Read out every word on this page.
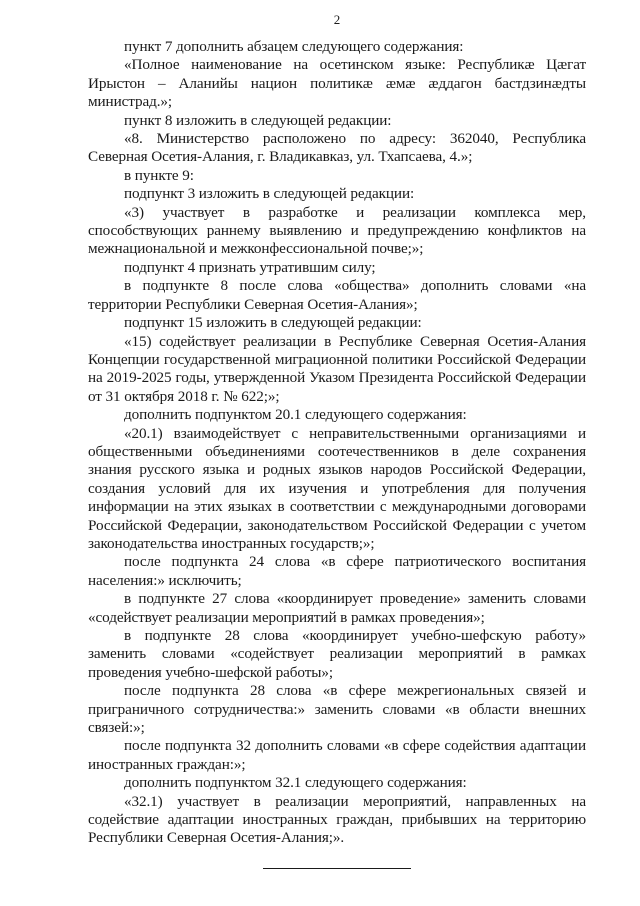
2

пункт 7 дополнить абзацем следующего содержания:

«Полное наименование на осетинском языке: Республикæ Цæгат Ирыстон – Аланийы национ политикæ æмæ æддагон бастдзинæдты министрад.»;

пункт 8 изложить в следующей редакции:

«8. Министерство расположено по адресу: 362040, Республика Северная Осетия-Алания, г. Владикавказ, ул. Тхапсаева, 4.»;

в пункте 9:

подпункт 3 изложить в следующей редакции:

«3) участвует в разработке и реализации комплекса мер, способствующих раннему выявлению и предупреждению конфликтов на межнациональной и межконфессиональной почве;»;

подпункт 4 признать утратившим силу;

в подпункте 8 после слова «общества» дополнить словами «на территории Республики Северная Осетия-Алания»;

подпункт 15 изложить в следующей редакции:

«15) содействует реализации в Республике Северная Осетия-Алания Концепции государственной миграционной политики Российской Федерации на 2019-2025 годы, утвержденной Указом Президента Российской Федерации от 31 октября 2018 г. № 622;»;

дополнить подпунктом 20.1 следующего содержания:

«20.1) взаимодействует с неправительственными организациями и общественными объединениями соотечественников в деле сохранения знания русского языка и родных языков народов Российской Федерации, создания условий для их изучения и употребления для получения информации на этих языках в соответствии с международными договорами Российской Федерации, законодательством Российской Федерации с учетом законодательства иностранных государств;»;

после подпункта 24 слова «в сфере патриотического воспитания населения:» исключить;

в подпункте 27 слова «координирует проведение» заменить словами «содействует реализации мероприятий в рамках проведения»;

в подпункте 28 слова «координирует учебно-шефскую работу» заменить словами «содействует реализации мероприятий в рамках проведения учебно-шефской работы»;

после подпункта 28 слова «в сфере межрегиональных связей и приграничного сотрудничества:» заменить словами «в области внешних связей:»;

после подпункта 32 дополнить словами «в сфере содействия адаптации иностранных граждан:»;

дополнить подпунктом 32.1 следующего содержания:

«32.1) участвует в реализации мероприятий, направленных на содействие адаптации иностранных граждан, прибывших на территорию Республики Северная Осетия-Алания;».
